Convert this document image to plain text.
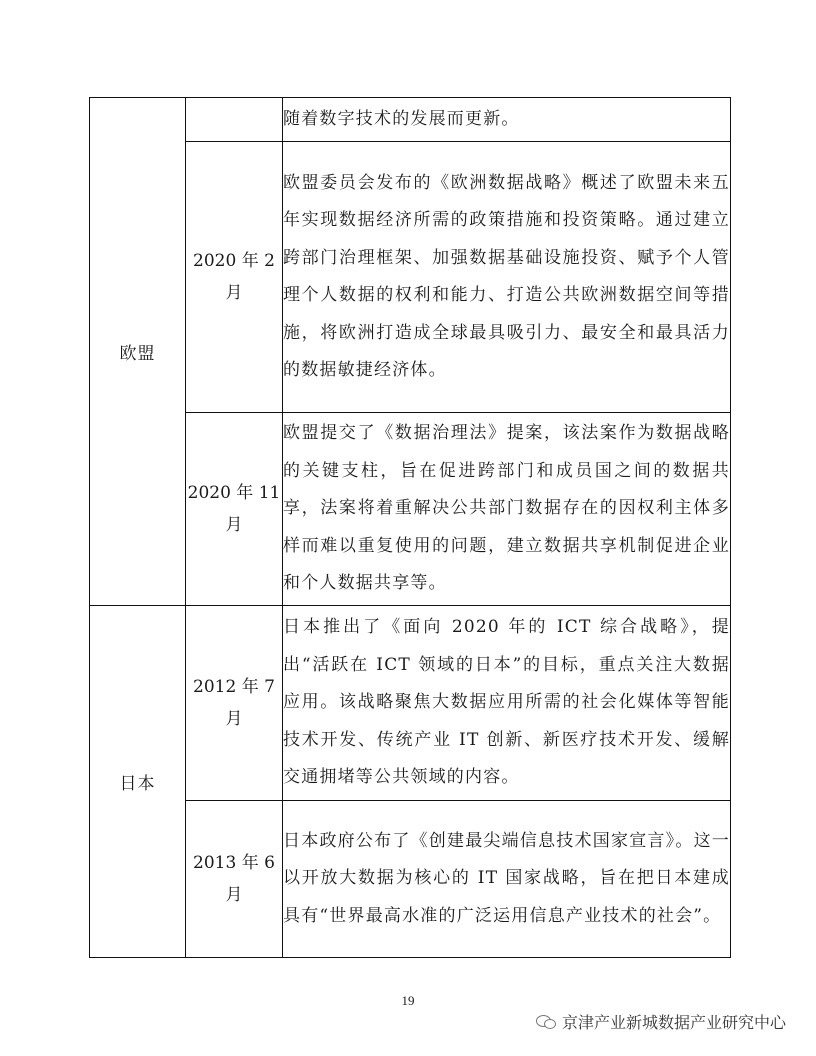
欧盟		随着数字技术的发展而更新。
	2020 年 2 月	欧盟委员会发布的《欧洲数据战略》概述了欧盟未来五年实现数据经济所需的政策措施和投资策略。通过建立跨部门治理框架、加强数据基础设施投资、赋予个人管理个人数据的权利和能力、打造公共欧洲数据空间等措施，将欧洲打造成全球最具吸引力、最安全和最具活力的数据敏捷经济体。
	2020 年 11 月	欧盟提交了《数据治理法》提案，该法案作为数据战略的关键支柱，旨在促进跨部门和成员国之间的数据共享，法案将着重解决公共部门数据存在的因权利主体多样而难以重复使用的问题，建立数据共享机制促进企业和个人数据共享等。
日本	2012 年 7 月	日本推出了《面向 2020 年的 ICT 综合战略》，提出“活跃在 ICT 领域的日本”的目标，重点关注大数据应用。该战略聚焦大数据应用所需的社会化媒体等智能技术开发、传统产业 IT 创新、新医疗技术开发、缓解交通拥堵等公共领域的内容。
	2013 年 6 月	日本政府公布了《创建最尖端信息技术国家宣言》。这一以开放大数据为核心的 IT 国家战略，旨在把日本建成具有“世界最高水准的广泛运用信息产业技术的社会”。
19
京津产业新城数据产业研究中心
